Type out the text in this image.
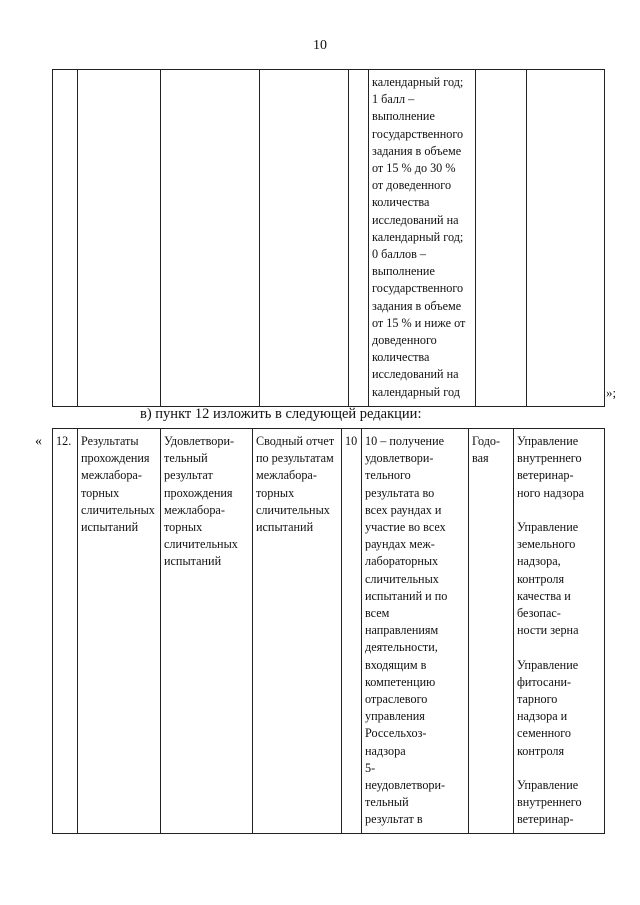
10
					календарный год;
1 балл –
выполнение
государственного
задания в объеме
от 15 % до 30 %
от доведенного
количества
исследований на
календарный год;
0 баллов –
выполнение
государственного
задания в объеме
от 15 % и ниже от
доведенного
количества
исследований на
календарный год			»;
в) пункт 12 изложить в следующей редакции:
« 12.	Результаты
прохождения
межлабора-
торных
сличительных
испытаний	Удовлетвори-
тельный
результат
прохождения
межлабора-
торных
сличительных
испытаний	Сводный отчет
по результатам
межлабора-
торных
сличительных
испытаний	10	10 – получение
удовлетвори-
тельного
результата во
всех раундах и
участие во всех
раундах меж-
лабораторных
сличительных
испытаний и по
всем
направлениям
деятельности,
входящим в
компетенцию
отраслевого
управления
Россельхоз-
надзора
5-
неудовлетвори-
тельный
результат в	Годо-
вая	Управление
внутреннего
ветеринар-
ного надзора

Управление
земельного
надзора,
контроля
качества и
безопас-
ности зерна

Управление
фитосани-
тарного
надзора и
семенного
контроля

Управление
внутреннего
ветеринар-
